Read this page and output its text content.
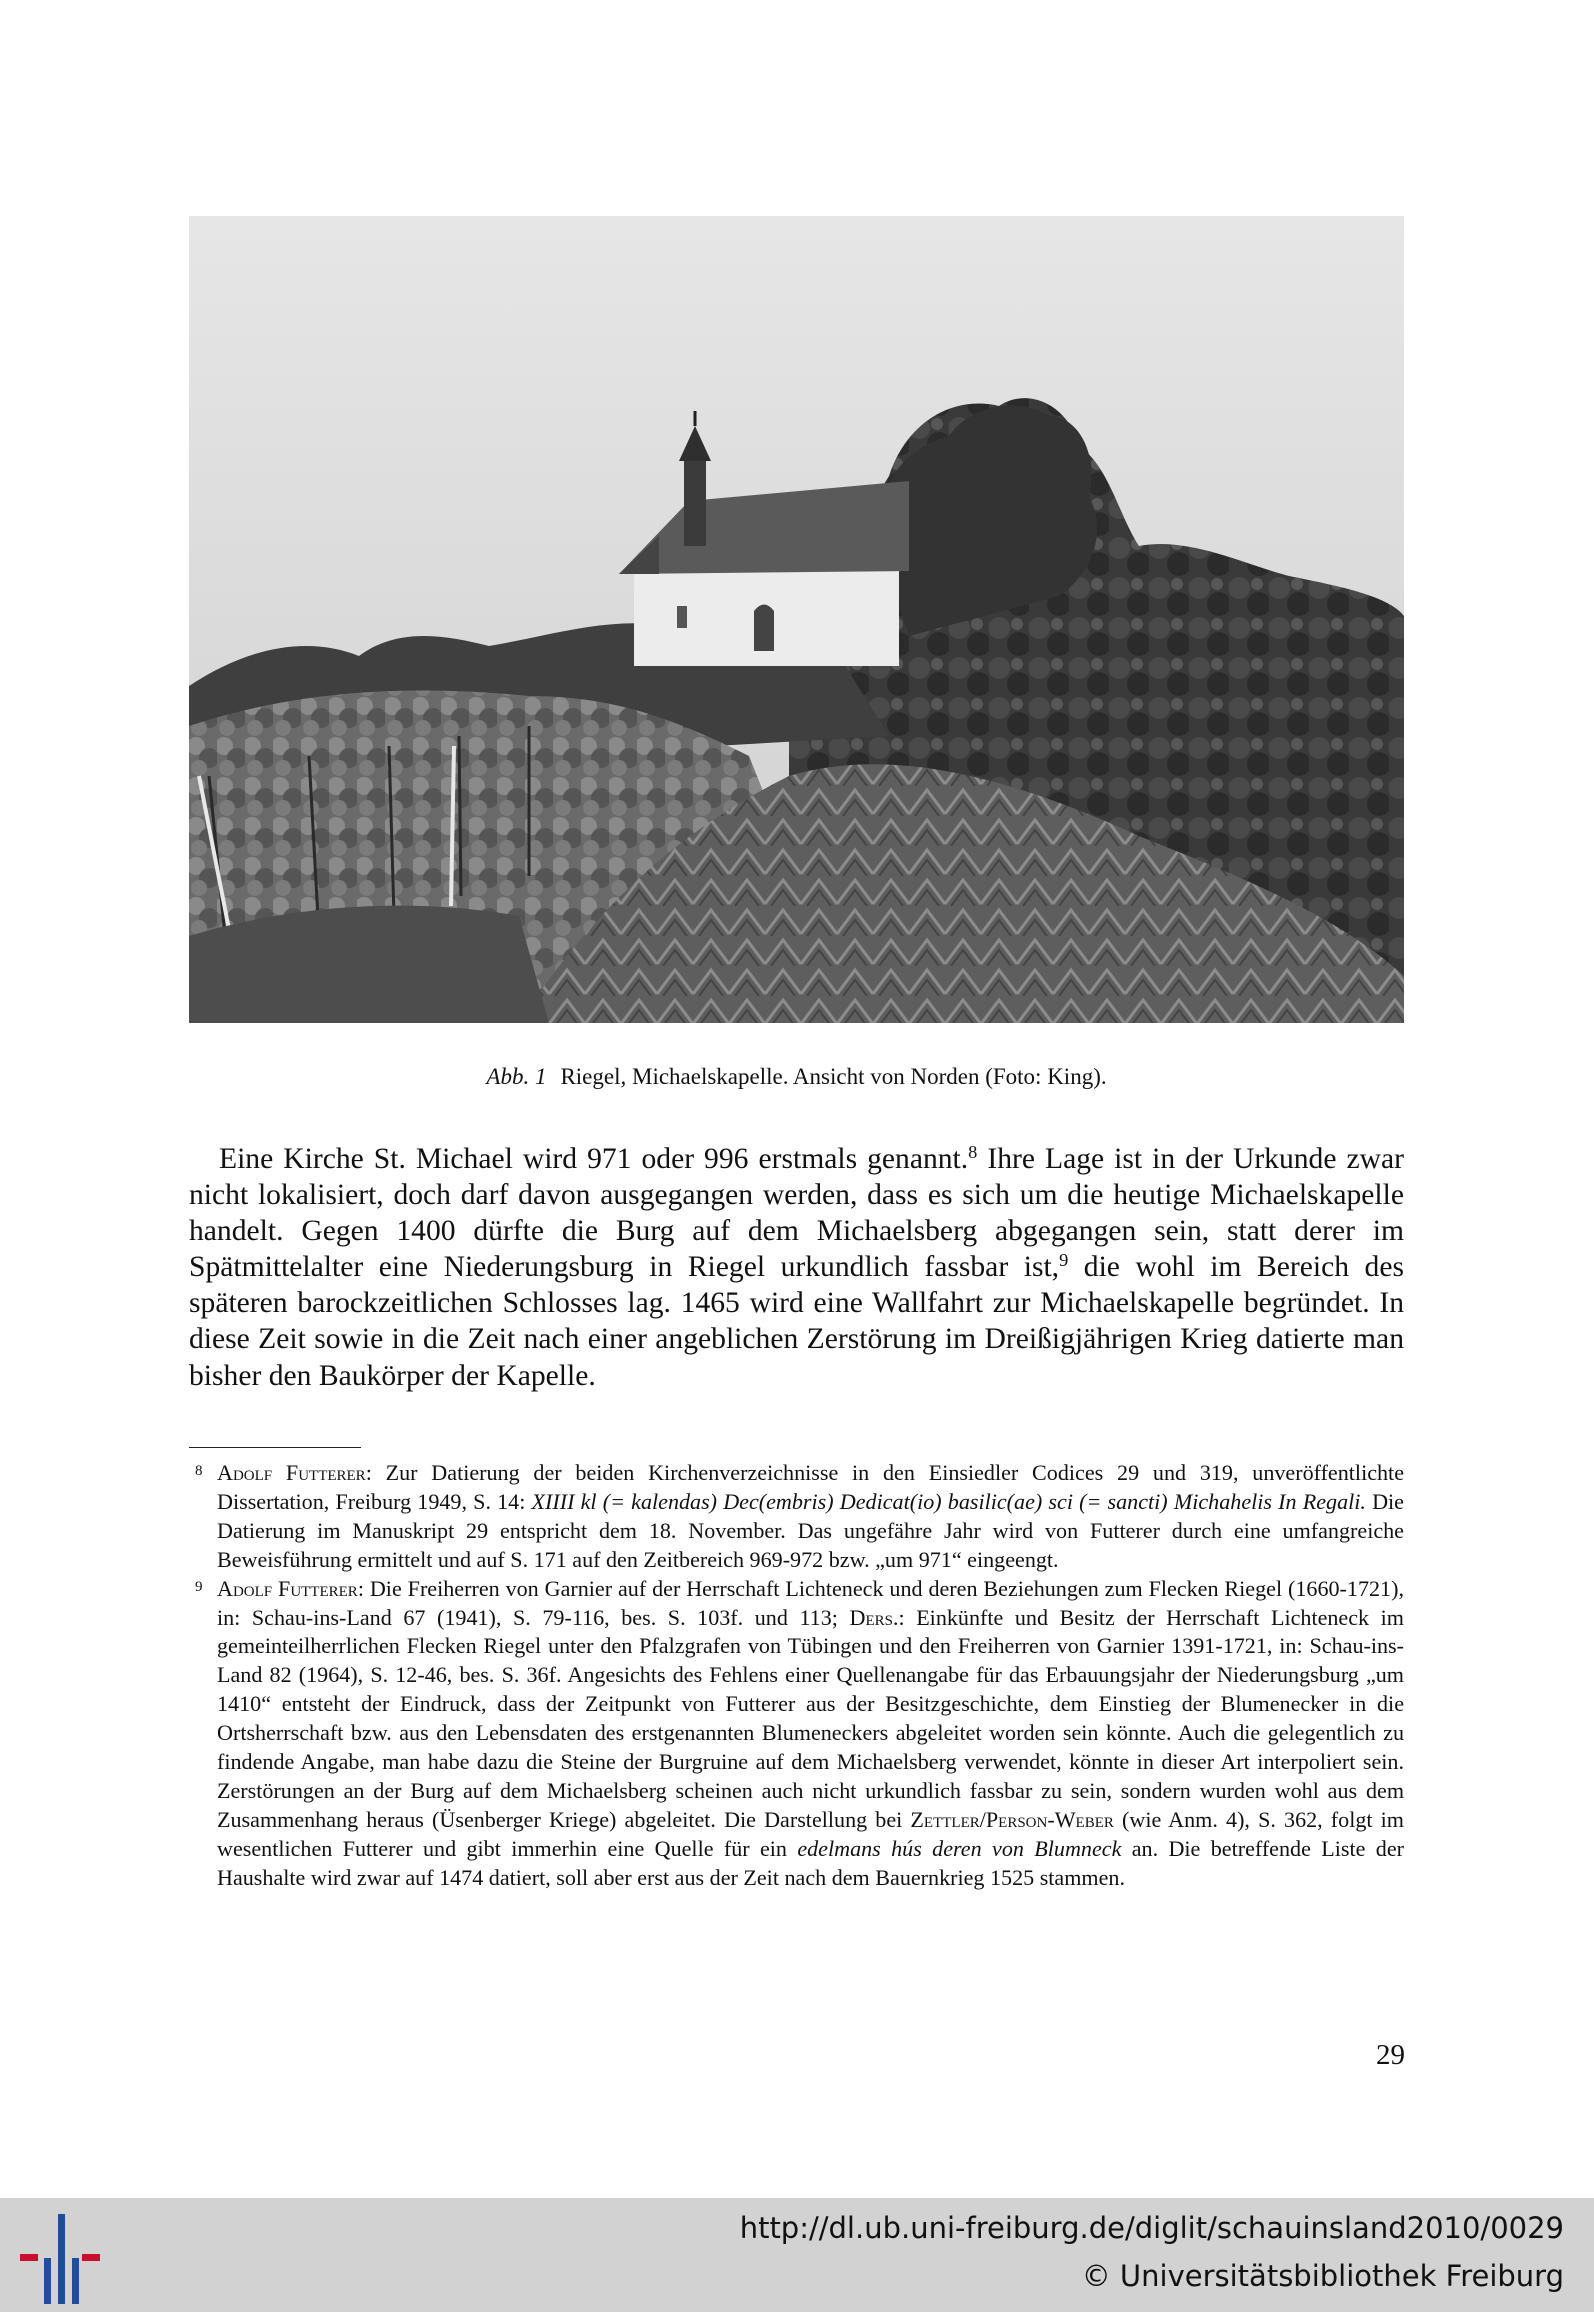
Abb. 1 Riegel, Michaelskapelle. Ansicht von Norden (Foto: King).

Eine Kirche St. Michael wird 971 oder 996 erstmals genannt.$^8$ Ihre Lage ist in der Urkunde zwar nicht lokalisiert, doch darf davon ausgegangen werden, dass es sich um die heutige Michaelskapelle handelt. Gegen 1400 dürfte die Burg auf dem Michaelsberg abgegangen sein, statt derer im Spätmittelalter eine Niederungsburg in Riegel urkundlich fassbar ist,$^9$ die wohl im Bereich des späteren barockzeitlichen Schlosses lag. 1465 wird eine Wallfahrt zur Michaelskapelle begründet. In diese Zeit sowie in die Zeit nach einer angeblichen Zerstörung im Dreißigjährigen Krieg datierte man bisher den Baukörper der Kapelle.

8 Adolf Futterer: Zur Datierung der beiden Kirchenverzeichnisse in den Einsiedler Codices 29 und 319, unveröffentlichte Dissertation, Freiburg 1949, S. 14: XIIII kl (= kalendas) Dec(embris) Dedicat(io) basilic(ae) sci (= sancti) Michahelis In Regali. Die Datierung im Manuskript 29 entspricht dem 18. November. Das ungefähre Jahr wird von Futterer durch eine umfangreiche Beweisführung ermittelt und auf S. 171 auf den Zeitbereich 969-972 bzw. „um 971“ eingeengt.
9 Adolf Futterer: Die Freiherren von Garnier auf der Herrschaft Lichteneck und deren Beziehungen zum Flecken Riegel (1660-1721), in: Schau-ins-Land 67 (1941), S. 79-116, bes. S. 103f. und 113; Ders.: Einkünfte und Besitz der Herrschaft Lichteneck im gemeinteilherrlichen Flecken Riegel unter den Pfalzgrafen von Tübingen und den Freiherren von Garnier 1391-1721, in: Schau-ins-Land 82 (1964), S. 12-46, bes. S. 36f. Angesichts des Fehlens einer Quellenangabe für das Erbauungsjahr der Niederungsburg „um 1410“ entsteht der Eindruck, dass der Zeitpunkt von Futterer aus der Besitzgeschichte, dem Einstieg der Blumenecker in die Ortsherrschaft bzw. aus den Lebensdaten des erstgenannten Blumeneckers abgeleitet worden sein könnte. Auch die gelegentlich zu findende Angabe, man habe dazu die Steine der Burgruine auf dem Michaelsberg verwendet, könnte in dieser Art interpoliert sein. Zerstörungen an der Burg auf dem Michaelsberg scheinen auch nicht urkundlich fassbar zu sein, sondern wurden wohl aus dem Zusammenhang heraus (Üsenberger Kriege) abgeleitet. Die Darstellung bei Zettler/Person-Weber (wie Anm. 4), S. 362, folgt im wesentlichen Futterer und gibt immerhin eine Quelle für ein edelmans hús deren von Blumneck an. Die betreffende Liste der Haushalte wird zwar auf 1474 datiert, soll aber erst aus der Zeit nach dem Bauernkrieg 1525 stammen.
29
http://dl.ub.uni-freiburg.de/diglit/schauinsland2010/0029
© Universitätsbibliothek Freiburg
